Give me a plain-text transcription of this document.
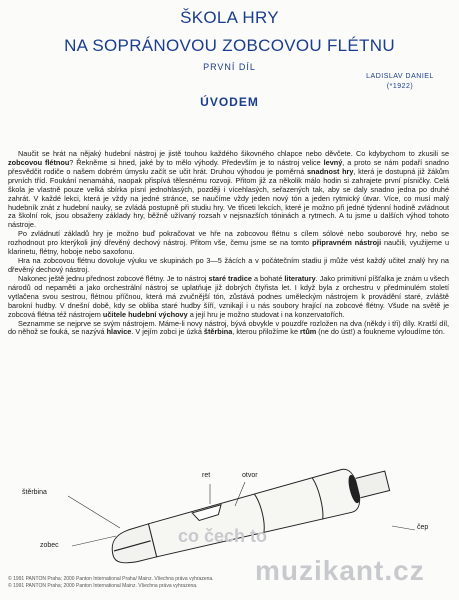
ŠKOLA HRY
NA SOPRÁNOVOU ZOBCOVOU FLÉTNU
PRVNÍ DÍL
LADISLAV DANIEL
(*1922)
ÚVODEM

Naučit se hrát na nějaký hudební nástroj je jistě touhou každého šikovného chlapce nebo děvčete. Co kdybychom to zkusili se zobcovou flétnou? Řekněme si hned, jaké by to mělo výhody. Především je to nástroj velice levný, a proto se nám podaří snadno přesvědčit rodiče o našem dobrém úmyslu začít se učit hrát. Druhou výhodou je poměrná snadnost hry, která je dostupná již žákům prvních tříd. Foukání nenamáhá, naopak přispívá tělesnému rozvoji. Přitom již za několik málo hodin si zahrajete první písničky. Celá škola je vlastně pouze velká sbírka písní jednohlasých, později i vícehlasých, seřazených tak, aby se daly snadno jedna po druhé zahrát. V každé lekci, která je vždy na jedné stránce, se naučíme vždy jeden nový tón a jeden rytmický útvar. Více, co musí malý hudebník znát z hudební nauky, se zvládá postupně při studiu hry. Ve třiceti lekcích, které je možno při jedné týdenní hodině zvládnout za školní rok, jsou obsaženy základy hry, běžně užívaný rozsah v nejsnazších tóninách a rytmech. A tu jsme u dalších výhod tohoto nástroje.

Po zvládnutí základů hry je možno buď pokračovat ve hře na zobcovou flétnu s cílem sólové nebo souborové hry, nebo se rozhodnout pro kterýkoli jiný dřevěný dechový nástroj. Přitom vše, čemu jsme se na tomto připravném nástroji naučili, využijeme u klarinetu, flétny, hoboje nebo saxofonu.

Hra na zobcovou flétnu dovoluje výuku ve skupinách po 3—5 žácích a v počátečním stadiu ji může vést každý učitel znalý hry na dřevěný dechový nástroj.

Nakonec ještě jednu přednost zobcové flétny. Je to nástroj staré tradice a bohaté literatury. Jako primitivní píšťalka je znám u všech národů od nepaměti a jako orchestrální nástroj se uplatňuje již dobrých čtyřista let. I když byla z orchestru v předminulém století vytlačena svou sestrou, flétnou příčnou, která má zvučnější tón, zůstává podnes uměleckým nástrojem k provádění staré, zvláště barokní hudby. V dnešní době, kdy se obliba staré hudby šíří, vznikají i u nás soubory hrající na zobcové flétny. Všude na světě je zobcová flétna též nástrojem učitele hudební výchovy a její hru je možno studovat i na konzervatořích.

Seznamme se nejprve se svým nástrojem. Máme-li novy nástroj, bývá obvykle v pouzdře rozložen na dva (někdy i tři) díly. Kratší díl, do něhož se fouká, se nazývá hlavice. V jejím zobci je úzká štěrbina, kterou přiložíme ke rtům (ne do úst!) a foukneme vyloudíme tón.

ret	otvor
štěrbina
čep
zobec	co čech to
muzikant.cz
© 1991 PANTON Praha; 2000 Panton International Praha/ Mainz. Všechna práva vyhrazena.
© 1991 PANTON Praha; 2000 Panton International Mainz. Všechna práva vyhrazena.
